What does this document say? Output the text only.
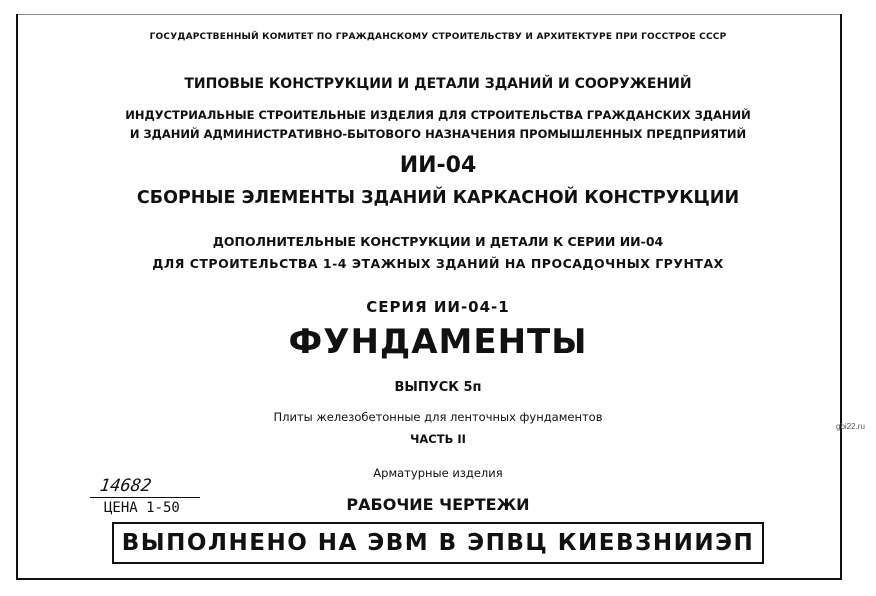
ГОСУДАРСТВЕННЫЙ КОМИТЕТ ПО ГРАЖДАНСКОМУ СТРОИТЕЛЬСТВУ И АРХИТЕКТУРЕ ПРИ ГОССТРОЕ СССР
ТИПОВЫЕ КОНСТРУКЦИИ И ДЕТАЛИ ЗДАНИЙ И СООРУЖЕНИЙ
ИНДУСТРИАЛЬНЫЕ СТРОИТЕЛЬНЫЕ ИЗДЕЛИЯ ДЛЯ СТРОИТЕЛЬСТВА ГРАЖДАНСКИХ ЗДАНИЙ
И ЗДАНИЙ АДМИНИСТРАТИВНО-БЫТОВОГО НАЗНАЧЕНИЯ ПРОМЫШЛЕННЫХ ПРЕДПРИЯТИЙ
ИИ-04
СБОРНЫЕ ЭЛЕМЕНТЫ ЗДАНИЙ КАРКАСНОЙ КОНСТРУКЦИИ
ДОПОЛНИТЕЛЬНЫЕ КОНСТРУКЦИИ И ДЕТАЛИ К СЕРИИ ИИ-04
ДЛЯ СТРОИТЕЛЬСТВА 1-4 ЭТАЖНЫХ ЗДАНИЙ НА ПРОСАДОЧНЫХ ГРУНТАХ
СЕРИЯ ИИ-04-1
ФУНДАМЕНТЫ
ВЫПУСК 5п
Плиты железобетонные для ленточных фундаментов
ЧАСТЬ II
Арматурные изделия
РАБОЧИЕ ЧЕРТЕЖИ
14682
ЦЕНА 1-50
ВЫПОЛНЕНО НА ЭВМ В ЭПВЦ КИЕВЗНИИЭП
gbi22.ru
